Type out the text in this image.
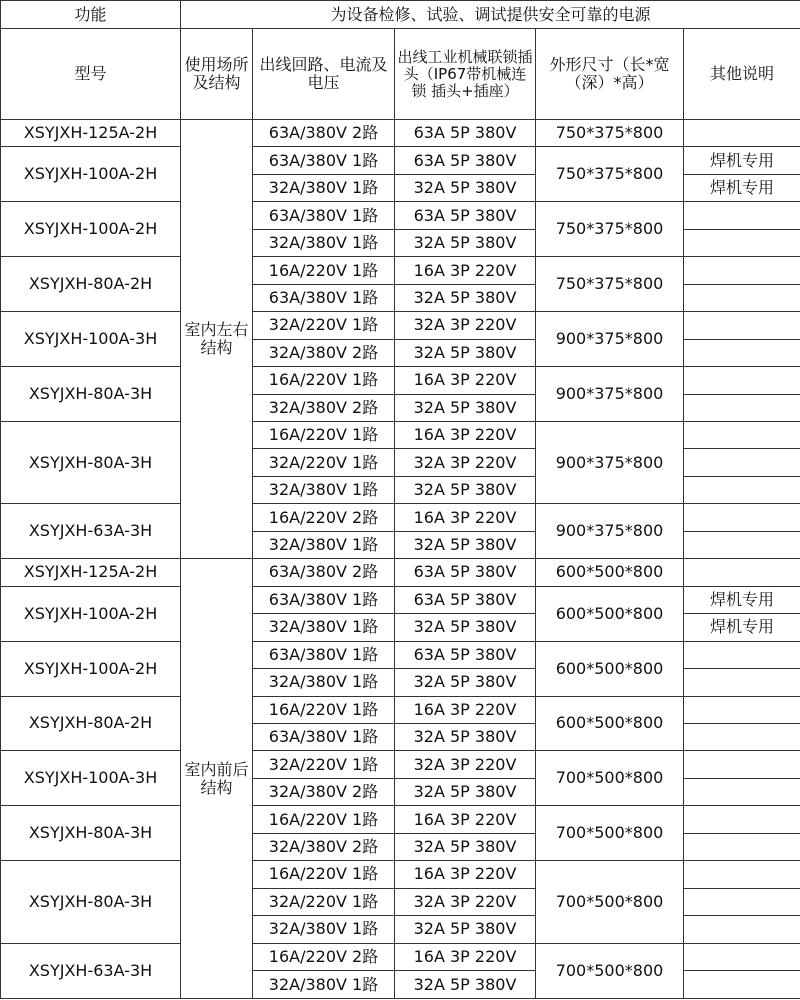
功能	为设备检修、试验、调试提供安全可靠的电源				
型号	使用场所及结构	出线回路、电流及电压	出线工业机械联锁插头（IP67带机械连锁 插头+插座）	外形尺寸（长*宽（深）*高）	其他说明
XSYJXH-125A-2H	室内左右结构	63A/380V 2路	63A 5P 380V	750*375*800	
XSYJXH-100A-2H		63A/380V 1路	63A 5P 380V	750*375*800	焊机专用
		32A/380V 1路	32A 5P 380V		焊机专用
XSYJXH-100A-2H		63A/380V 1路	63A 5P 380V	750*375*800	
		32A/380V 1路	32A 5P 380V		
XSYJXH-80A-2H		16A/220V 1路	16A 3P 220V	750*375*800	
		63A/380V 1路	32A 5P 380V		
XSYJXH-100A-3H		32A/220V 1路	32A 3P 220V	900*375*800	
		32A/380V 2路	32A 5P 380V		
XSYJXH-80A-3H		16A/220V 1路	16A 3P 220V	900*375*800	
		32A/380V 2路	32A 5P 380V		
XSYJXH-80A-3H		16A/220V 1路	16A 3P 220V	900*375*800	
		32A/220V 1路	32A 3P 220V		
		32A/380V 1路	32A 5P 380V		
XSYJXH-63A-3H		16A/220V 2路	16A 3P 220V	900*375*800	
		32A/380V 1路	32A 5P 380V		
XSYJXH-125A-2H	室内前后结构	63A/380V 2路	63A 5P 380V	600*500*800	
XSYJXH-100A-2H		63A/380V 1路	63A 5P 380V	600*500*800	焊机专用
		32A/380V 1路	32A 5P 380V		焊机专用
XSYJXH-100A-2H		63A/380V 1路	63A 5P 380V	600*500*800	
		32A/380V 1路	32A 5P 380V		
XSYJXH-80A-2H		16A/220V 1路	16A 3P 220V	600*500*800	
		63A/380V 1路	32A 5P 380V		
XSYJXH-100A-3H		32A/220V 1路	32A 3P 220V	700*500*800	
		32A/380V 2路	32A 5P 380V		
XSYJXH-80A-3H		16A/220V 1路	16A 3P 220V	700*500*800	
		32A/380V 2路	32A 5P 380V		
XSYJXH-80A-3H		16A/220V 1路	16A 3P 220V	700*500*800	
		32A/220V 1路	32A 3P 220V		
		32A/380V 1路	32A 5P 380V		
XSYJXH-63A-3H		16A/220V 2路	16A 3P 220V	700*500*800	
		32A/380V 1路	32A 5P 380V		
